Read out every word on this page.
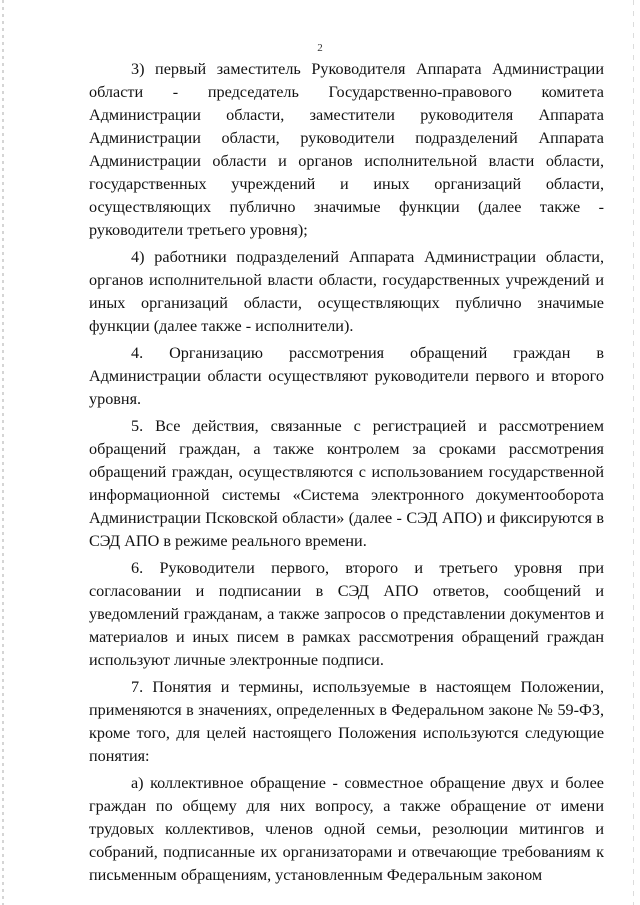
2

3) первый заместитель Руководителя Аппарата Администрации области - председатель Государственно-правового комитета Администрации области, заместители руководителя Аппарата Администрации области, руководители подразделений Аппарата Администрации области и органов исполнительной власти области, государственных учреждений и иных организаций области, осуществляющих публично значимые функции (далее также - руководители третьего уровня);

4) работники подразделений Аппарата Администрации области, органов исполнительной власти области, государственных учреждений и иных организаций области, осуществляющих публично значимые функции (далее также - исполнители).

4. Организацию рассмотрения обращений граждан в Администрации области осуществляют руководители первого и второго уровня.

5. Все действия, связанные с регистрацией и рассмотрением обращений граждан, а также контролем за сроками рассмотрения обращений граждан, осуществляются с использованием государственной информационной системы «Система электронного документооборота Администрации Псковской области» (далее - СЭД АПО) и фиксируются в СЭД АПО в режиме реального времени.

6. Руководители первого, второго и третьего уровня при согласовании и подписании в СЭД АПО ответов, сообщений и уведомлений гражданам, а также запросов о представлении документов и материалов и иных писем в рамках рассмотрения обращений граждан используют личные электронные подписи.

7. Понятия и термины, используемые в настоящем Положении, применяются в значениях, определенных в Федеральном законе № 59-ФЗ, кроме того, для целей настоящего Положения используются следующие понятия:

а) коллективное обращение - совместное обращение двух и более граждан по общему для них вопросу, а также обращение от имени трудовых коллективов, членов одной семьи, резолюции митингов и собраний, подписанные их организаторами и отвечающие требованиям к письменным обращениям, установленным Федеральным законом
